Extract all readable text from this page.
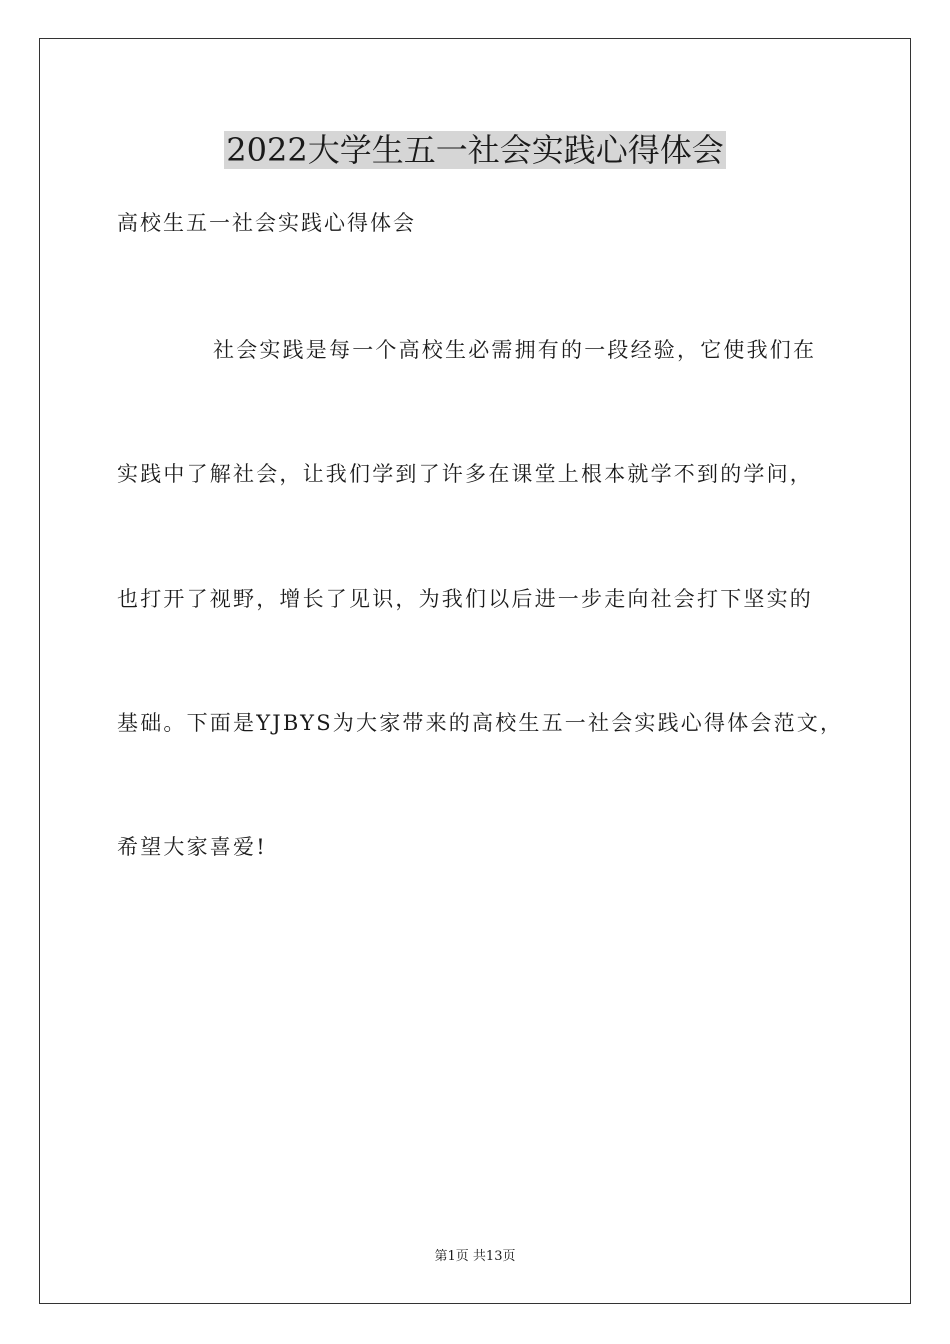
2022大学生五一社会实践心得体会
高校生五一社会实践心得体会
社会实践是每一个高校生必需拥有的一段经验，它使我们在
实践中了解社会，让我们学到了许多在课堂上根本就学不到的学问，
也打开了视野，增长了见识，为我们以后进一步走向社会打下坚实的
基础。下面是YJBYS为大家带来的高校生五一社会实践心得体会范文，
希望大家喜爱!
第1页 共13页
